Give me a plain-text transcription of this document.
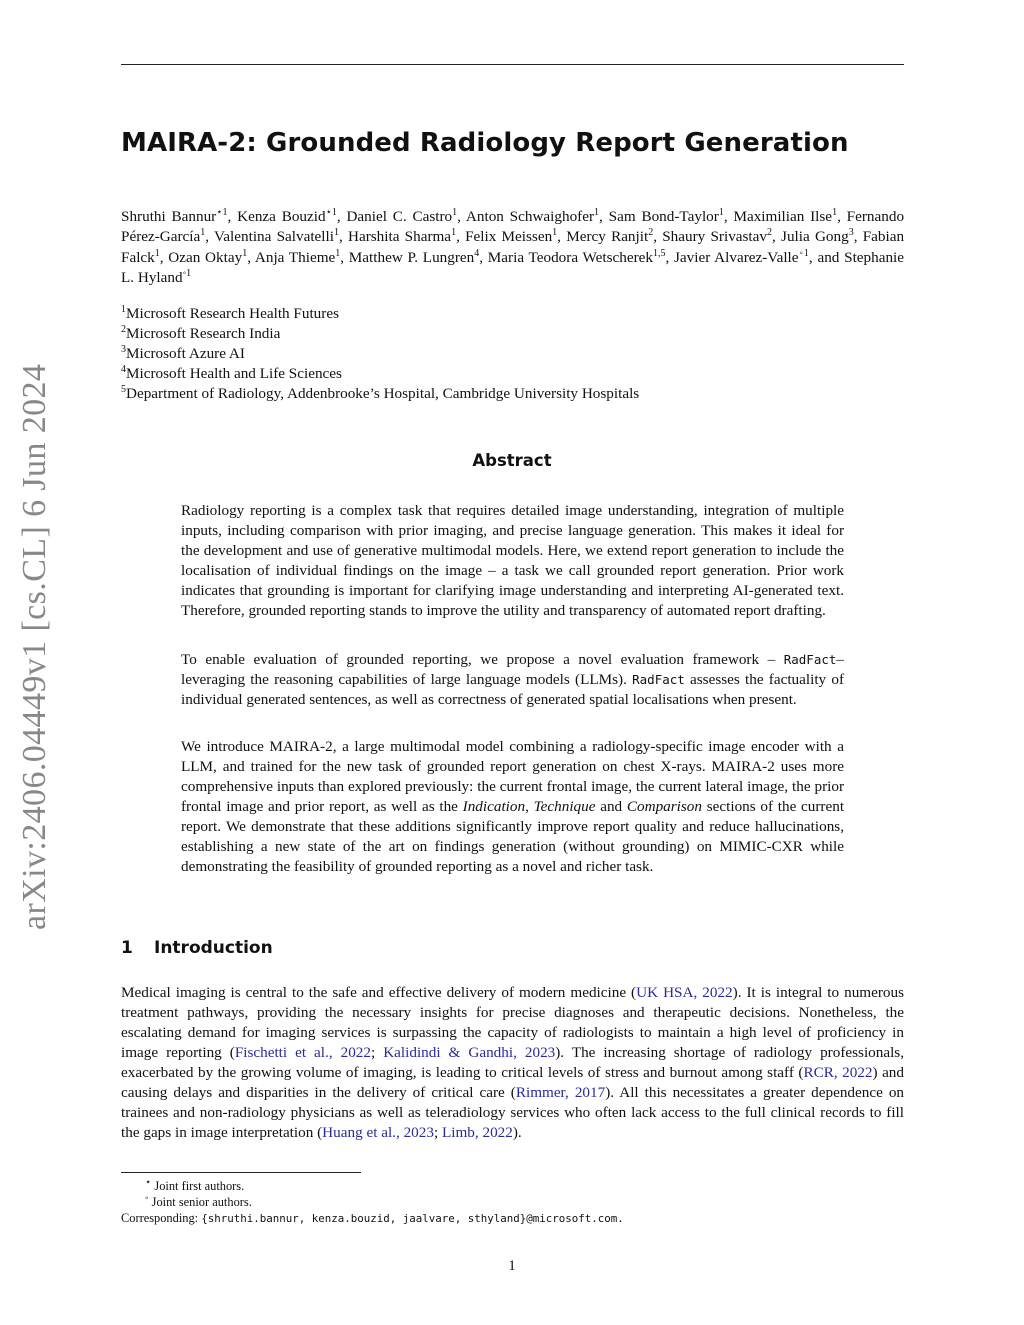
MAIRA-2: Grounded Radiology Report Generation
arXiv:2406.04449v1 [cs.CL] 6 Jun 2024
Shruthi Bannur$^{⋆1}$, Kenza Bouzid$^{⋆1}$, Daniel C. Castro$^1$, Anton Schwaighofer$^1$, Sam Bond-Taylor$^1$, Maximilian Ilse$^1$, Fernando Pérez-García$^1$, Valentina Salvatelli$^1$, Harshita Sharma$^1$, Felix Meissen$^1$, Mercy Ranjit$^2$, Shaury Srivastav$^2$, Julia Gong$^3$, Fabian Falck$^1$, Ozan Oktay$^1$, Anja Thieme$^1$, Matthew P. Lungren$^4$, Maria Teodora Wetscherek$^{1,5}$, Javier Alvarez-Valle$^{◦1}$, and Stephanie L. Hyland$^{◦1}$
$^1$Microsoft Research Health Futures
$^2$Microsoft Research India
$^3$Microsoft Azure AI
$^4$Microsoft Health and Life Sciences
$^5$Department of Radiology, Addenbrooke’s Hospital, Cambridge University Hospitals
Abstract

Radiology reporting is a complex task that requires detailed image understanding, integration of multiple inputs, including comparison with prior imaging, and precise language generation. This makes it ideal for the development and use of generative multimodal models. Here, we extend report generation to include the localisation of individual findings on the image – a task we call grounded report generation. Prior work indicates that grounding is important for clarifying image understanding and interpreting AI-generated text. Therefore, grounded reporting stands to improve the utility and transparency of automated report drafting.

To enable evaluation of grounded reporting, we propose a novel evaluation framework – RadFact– leveraging the reasoning capabilities of large language models (LLMs). RadFact assesses the factuality of individual generated sentences, as well as correctness of generated spatial localisations when present.

We introduce MAIRA-2, a large multimodal model combining a radiology-specific image encoder with a LLM, and trained for the new task of grounded report generation on chest X-rays. MAIRA-2 uses more comprehensive inputs than explored previously: the current frontal image, the current lateral image, the prior frontal image and prior report, as well as the Indication, Technique and Comparison sections of the current report. We demonstrate that these additions significantly improve report quality and reduce hallucinations, establishing a new state of the art on findings generation (without grounding) on MIMIC-CXR while demonstrating the feasibility of grounded reporting as a novel and richer task.

1 Introduction

Medical imaging is central to the safe and effective delivery of modern medicine (UK HSA, 2022). It is integral to numerous treatment pathways, providing the necessary insights for precise diagnoses and therapeutic decisions. Nonetheless, the escalating demand for imaging services is surpassing the capacity of radiologists to maintain a high level of proficiency in image reporting (Fischetti et al., 2022; Kalidindi & Gandhi, 2023). The increasing shortage of radiology professionals, exacerbated by the growing volume of imaging, is leading to critical levels of stress and burnout among staff (RCR, 2022) and causing delays and disparities in the delivery of critical care (Rimmer, 2017). All this necessitates a greater dependence on trainees and non-radiology physicians as well as teleradiology services who often lack access to the full clinical records to fill the gaps in image interpretation (Huang et al., 2023; Limb, 2022).

⋆ Joint first authors.
◦ Joint senior authors.
Corresponding: {shruthi.bannur, kenza.bouzid, jaalvare, sthyland}@microsoft.com.
1
